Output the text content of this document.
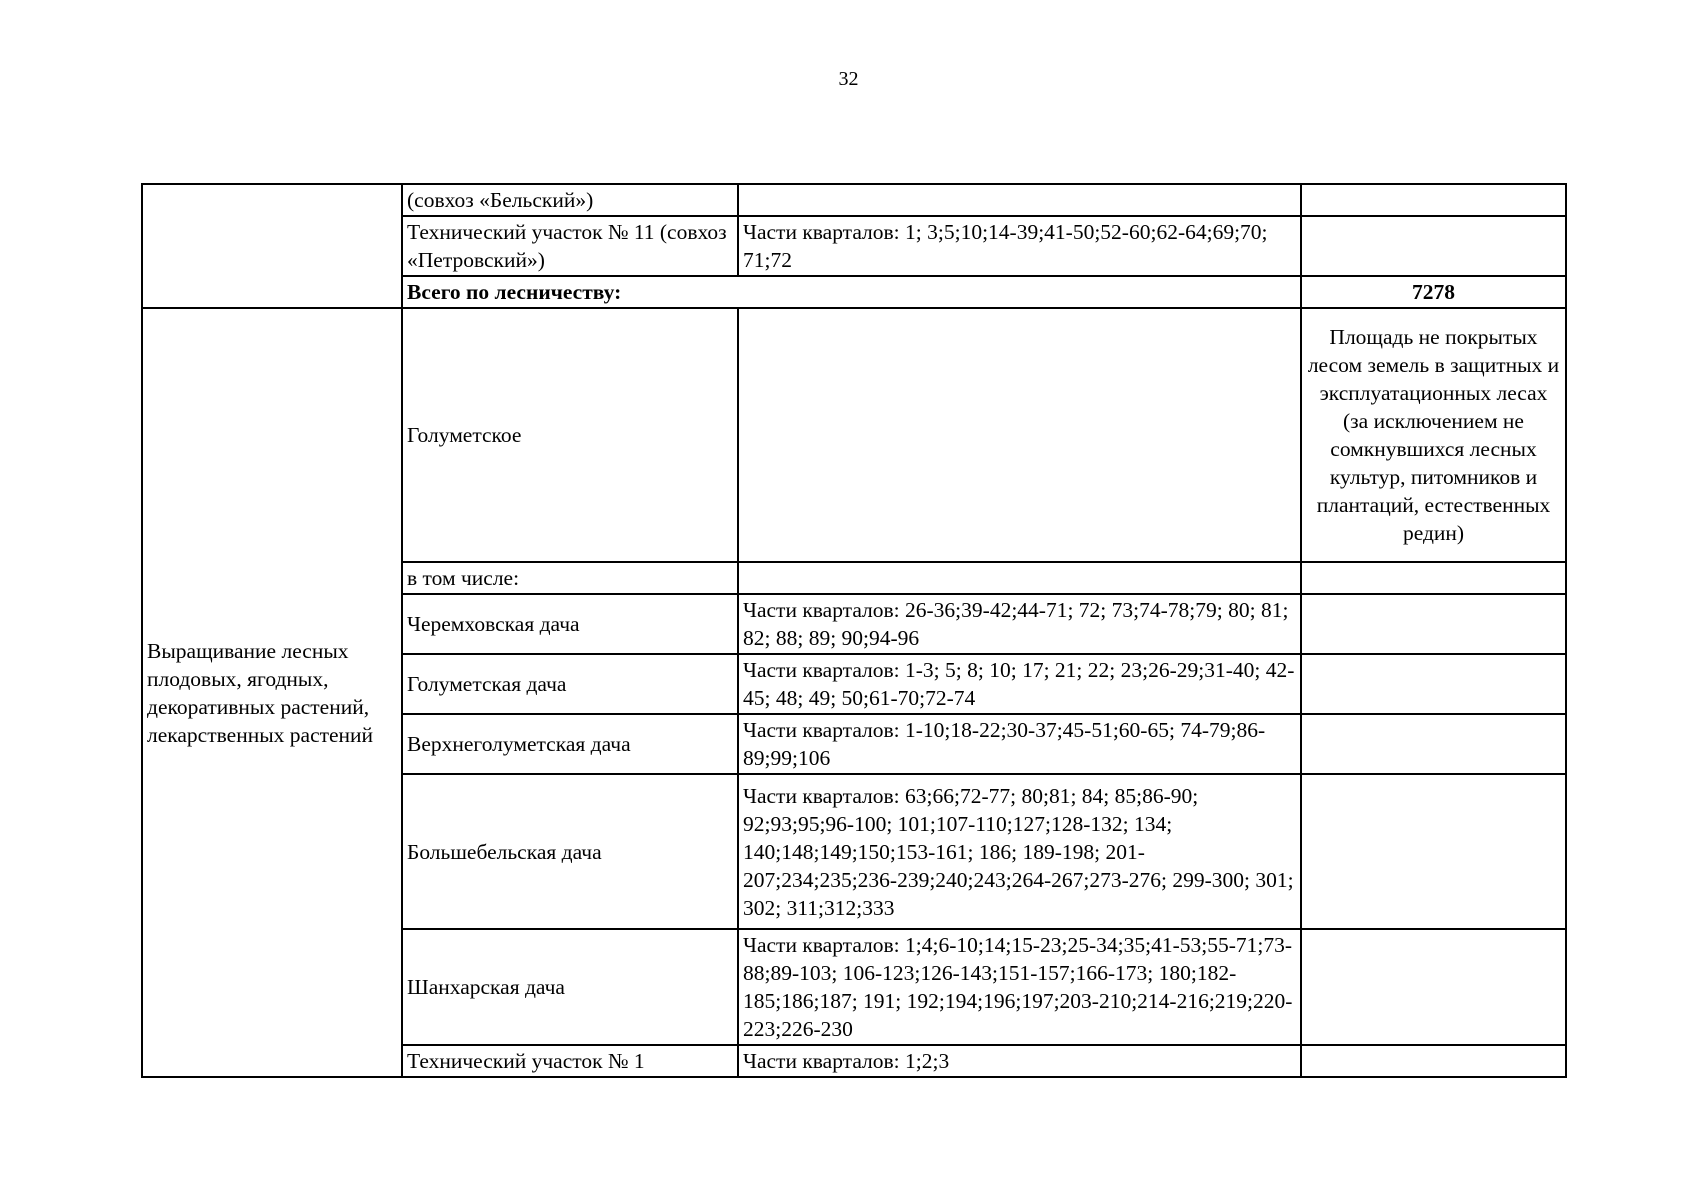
32
	(совхоз «Бельский»)		
	Технический участок № 11 (совхоз «Петровский»)	Части кварталов: 1; 3;5;10;14-39;41-50;52-60;62-64;69;70; 71;72	
	Всего по лесничеству:		7278
Выращивание лесных плодовых, ягодных, декоративных растений, лекарственных растений	Голуметское		Площадь не покрытых лесом земель в защитных и эксплуатационных лесах (за исключением не сомкнувшихся лесных культур, питомников и плантаций, естественных редин)
	в том числе:		
	Черемховская дача	Части кварталов: 26-36;39-42;44-71; 72; 73;74-78;79; 80; 81; 82; 88; 89; 90;94-96	
	Голуметская дача	Части кварталов: 1-3; 5; 8; 10; 17; 21; 22; 23;26-29;31-40; 42-45; 48; 49; 50;61-70;72-74	
	Верхнеголуметская дача	Части кварталов: 1-10;18-22;30-37;45-51;60-65; 74-79;86-89;99;106	
	Большебельская дача	Части кварталов: 63;66;72-77; 80;81; 84; 85;86-90; 92;93;95;96-100; 101;107-110;127;128-132; 134; 140;148;149;150;153-161; 186; 189-198; 201-207;234;235;236-239;240;243;264-267;273-276; 299-300; 301; 302; 311;312;333	
	Шанхарская дача	Части кварталов: 1;4;6-10;14;15-23;25-34;35;41-53;55-71;73-88;89-103; 106-123;126-143;151-157;166-173; 180;182-185;186;187; 191; 192;194;196;197;203-210;214-216;219;220-223;226-230	
	Технический участок № 1	Части кварталов: 1;2;3	
